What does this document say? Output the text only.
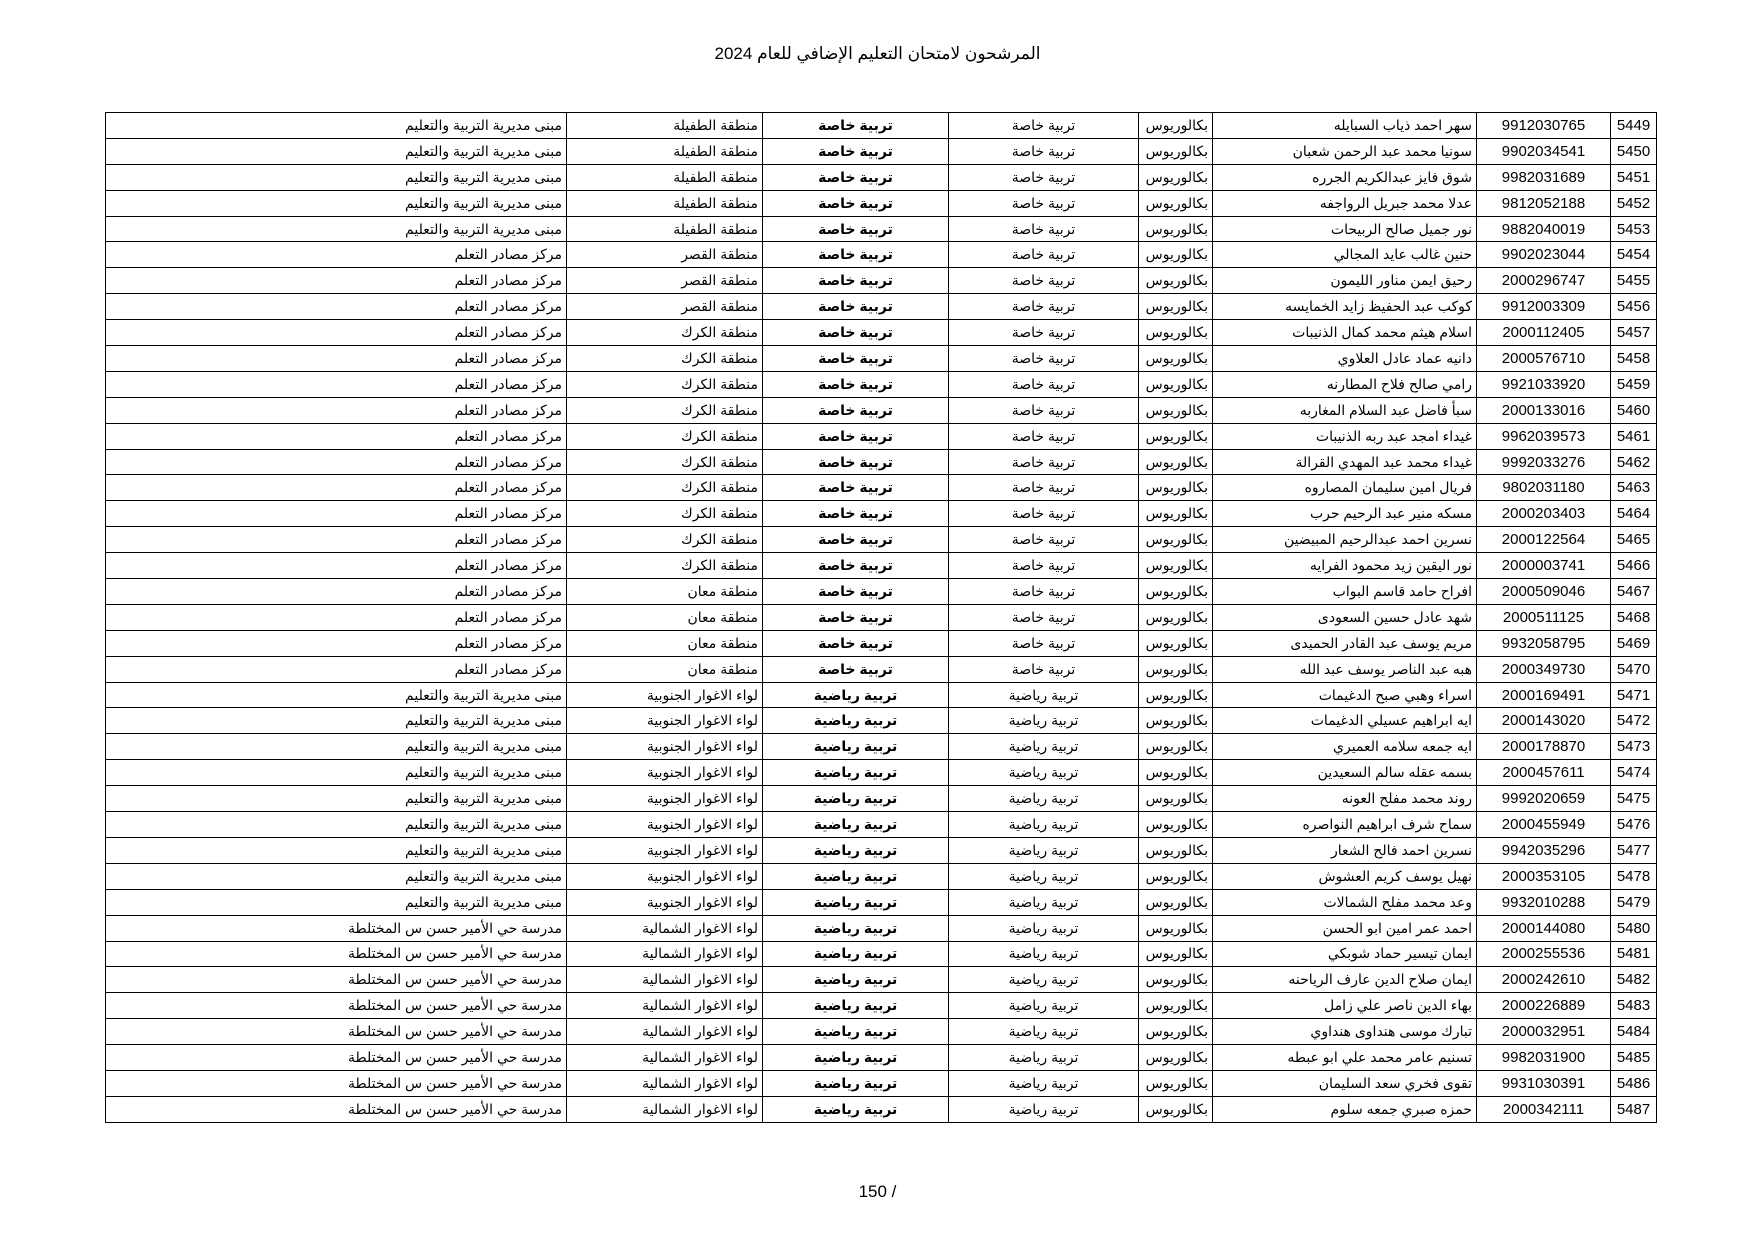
المرشحون لامتحان التعليم الإضافي للعام 2024
5449	9912030765	سهر احمد ذياب السبايله	بكالوريوس	تربية خاصة	تربية خاصة	منطقة الطفيلة	مبنى مديرية التربية والتعليم
5450	9902034541	سونيا محمد عبد الرحمن شعبان	بكالوريوس	تربية خاصة	تربية خاصة	منطقة الطفيلة	مبنى مديرية التربية والتعليم
5451	9982031689	شوق فايز عبدالكريم الجرره	بكالوريوس	تربية خاصة	تربية خاصة	منطقة الطفيلة	مبنى مديرية التربية والتعليم
5452	9812052188	عدلا محمد جبريل الرواجفه	بكالوريوس	تربية خاصة	تربية خاصة	منطقة الطفيلة	مبنى مديرية التربية والتعليم
5453	9882040019	نور جميل صالح الربيحات	بكالوريوس	تربية خاصة	تربية خاصة	منطقة الطفيلة	مبنى مديرية التربية والتعليم
5454	9902023044	حنين غالب عايد المجالي	بكالوريوس	تربية خاصة	تربية خاصة	منطقة القصر	مركز مصادر التعلم
5455	2000296747	رحيق ايمن مناور الليمون	بكالوريوس	تربية خاصة	تربية خاصة	منطقة القصر	مركز مصادر التعلم
5456	9912003309	كوكب عبد الحفيظ زايد الخمايسه	بكالوريوس	تربية خاصة	تربية خاصة	منطقة القصر	مركز مصادر التعلم
5457	2000112405	اسلام هيثم محمد كمال الذنيبات	بكالوريوس	تربية خاصة	تربية خاصة	منطقة الكرك	مركز مصادر التعلم
5458	2000576710	دانيه عماد عادل العلاوي	بكالوريوس	تربية خاصة	تربية خاصة	منطقة الكرك	مركز مصادر التعلم
5459	9921033920	رامي صالح فلاح المطارنه	بكالوريوس	تربية خاصة	تربية خاصة	منطقة الكرك	مركز مصادر التعلم
5460	2000133016	سبأ فاضل عبد السلام المغاربه	بكالوريوس	تربية خاصة	تربية خاصة	منطقة الكرك	مركز مصادر التعلم
5461	9962039573	غيداء امجد عبد ربه الذنيبات	بكالوريوس	تربية خاصة	تربية خاصة	منطقة الكرك	مركز مصادر التعلم
5462	9992033276	غيداء محمد عبد المهدي القرالة	بكالوريوس	تربية خاصة	تربية خاصة	منطقة الكرك	مركز مصادر التعلم
5463	9802031180	فريال امين سليمان المصاروه	بكالوريوس	تربية خاصة	تربية خاصة	منطقة الكرك	مركز مصادر التعلم
5464	2000203403	مسكه منير عبد الرحيم حرب	بكالوريوس	تربية خاصة	تربية خاصة	منطقة الكرك	مركز مصادر التعلم
5465	2000122564	نسرين احمد عبدالرحيم المبيضين	بكالوريوس	تربية خاصة	تربية خاصة	منطقة الكرك	مركز مصادر التعلم
5466	2000003741	نور اليقين زيد محمود الفرايه	بكالوريوس	تربية خاصة	تربية خاصة	منطقة الكرك	مركز مصادر التعلم
5467	2000509046	افراح حامد قاسم البواب	بكالوريوس	تربية خاصة	تربية خاصة	منطقة معان	مركز مصادر التعلم
5468	2000511125	شهد عادل حسين السعودى	بكالوريوس	تربية خاصة	تربية خاصة	منطقة معان	مركز مصادر التعلم
5469	9932058795	مريم يوسف عبد القادر الحميدى	بكالوريوس	تربية خاصة	تربية خاصة	منطقة معان	مركز مصادر التعلم
5470	2000349730	هبه عبد الناصر يوسف عبد الله	بكالوريوس	تربية خاصة	تربية خاصة	منطقة معان	مركز مصادر التعلم
5471	2000169491	اسراء وهبي صبح الدغيمات	بكالوريوس	تربية رياضية	تربية رياضية	لواء الاغوار الجنوبية	مبنى مديرية التربية والتعليم
5472	2000143020	ايه ابراهيم عسيلي الدغيمات	بكالوريوس	تربية رياضية	تربية رياضية	لواء الاغوار الجنوبية	مبنى مديرية التربية والتعليم
5473	2000178870	ايه جمعه سلامه العميري	بكالوريوس	تربية رياضية	تربية رياضية	لواء الاغوار الجنوبية	مبنى مديرية التربية والتعليم
5474	2000457611	بسمه عقله سالم السعيدين	بكالوريوس	تربية رياضية	تربية رياضية	لواء الاغوار الجنوبية	مبنى مديرية التربية والتعليم
5475	9992020659	روند محمد مفلح العونه	بكالوريوس	تربية رياضية	تربية رياضية	لواء الاغوار الجنوبية	مبنى مديرية التربية والتعليم
5476	2000455949	سماح شرف ابراهيم النواصره	بكالوريوس	تربية رياضية	تربية رياضية	لواء الاغوار الجنوبية	مبنى مديرية التربية والتعليم
5477	9942035296	نسرين احمد فالح الشعار	بكالوريوس	تربية رياضية	تربية رياضية	لواء الاغوار الجنوبية	مبنى مديرية التربية والتعليم
5478	2000353105	نهيل يوسف كريم العشوش	بكالوريوس	تربية رياضية	تربية رياضية	لواء الاغوار الجنوبية	مبنى مديرية التربية والتعليم
5479	9932010288	وعد محمد مفلح الشمالات	بكالوريوس	تربية رياضية	تربية رياضية	لواء الاغوار الجنوبية	مبنى مديرية التربية والتعليم
5480	2000144080	احمد عمر امين ابو الحسن	بكالوريوس	تربية رياضية	تربية رياضية	لواء الاغوار الشمالية	مدرسة حي الأمير حسن س المختلطة
5481	2000255536	ايمان تيسير حماد شوبكي	بكالوريوس	تربية رياضية	تربية رياضية	لواء الاغوار الشمالية	مدرسة حي الأمير حسن س المختلطة
5482	2000242610	ايمان صلاح الدين عارف الرياحنه	بكالوريوس	تربية رياضية	تربية رياضية	لواء الاغوار الشمالية	مدرسة حي الأمير حسن س المختلطة
5483	2000226889	بهاء الدين ناصر علي زامل	بكالوريوس	تربية رياضية	تربية رياضية	لواء الاغوار الشمالية	مدرسة حي الأمير حسن س المختلطة
5484	2000032951	تبارك موسى هنداوى هنداوي	بكالوريوس	تربية رياضية	تربية رياضية	لواء الاغوار الشمالية	مدرسة حي الأمير حسن س المختلطة
5485	9982031900	تسنيم عامر محمد علي ابو عبطه	بكالوريوس	تربية رياضية	تربية رياضية	لواء الاغوار الشمالية	مدرسة حي الأمير حسن س المختلطة
5486	9931030391	تقوى فخري سعد السليمان	بكالوريوس	تربية رياضية	تربية رياضية	لواء الاغوار الشمالية	مدرسة حي الأمير حسن س المختلطة
5487	2000342111	حمزه صبري جمعه سلوم	بكالوريوس	تربية رياضية	تربية رياضية	لواء الاغوار الشمالية	مدرسة حي الأمير حسن س المختلطة
150 /
